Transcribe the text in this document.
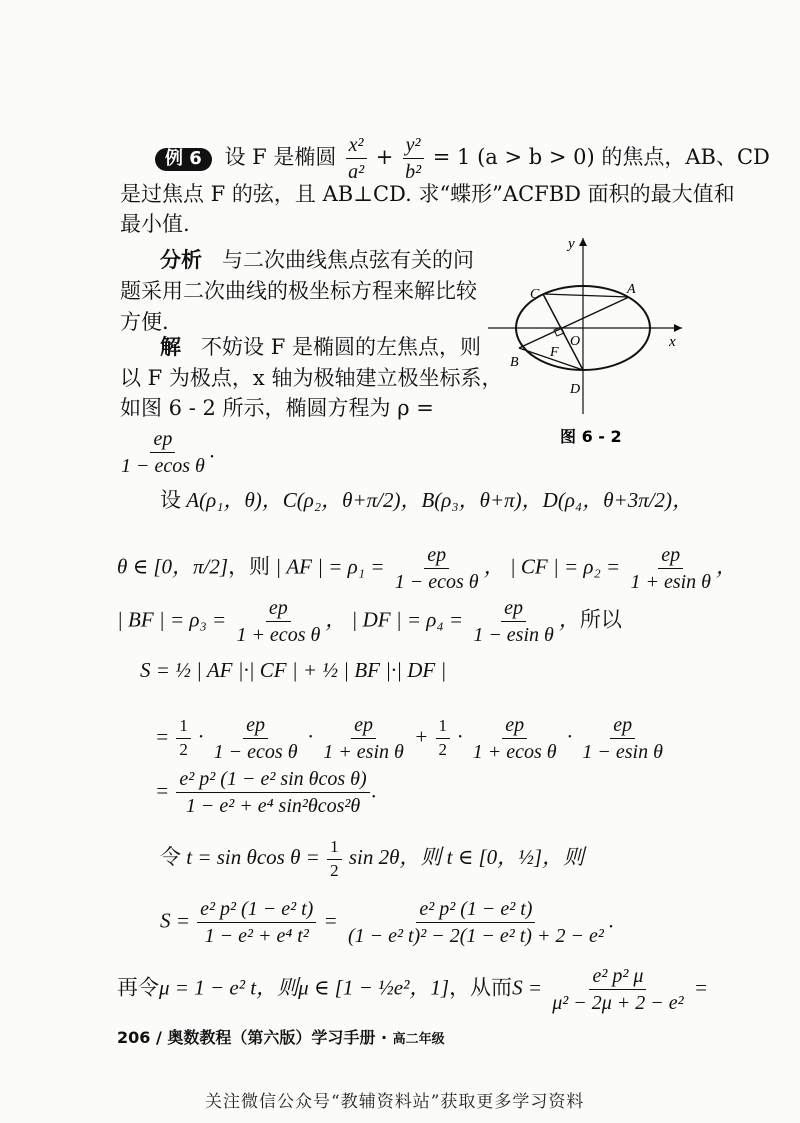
例 6 设 F 是椭圆 $\frac{\text{x²}}{\text{a²}} + \frac{\text{y²}}{\text{b²}} = 1$ (a > b > 0) 的焦点，AB、CD
是过焦点 F 的弦，且 AB⊥CD. 求“蝶形”ACFBD 面积的最大值和
最小值.
分析 与二次曲线焦点弦有关的问
题采用二次曲线的极坐标方程来解比较
方便.
解 不妨设 F 是椭圆的左焦点，则
以 F 为极点，x 轴为极轴建立极坐标系，
如图 6 - 2 所示，椭圆方程为 ρ =
$\frac{ep}{\text{1 − ecos θ}}$ .
y
x
A
B
C
D
F
O
图 6 - 2
设 A(ρ₁，θ)，C(ρ₂，θ+π/2)，B(ρ₃，θ+π)，D(ρ₄，θ+3π/2)，
θ ∈ [0，π/2]，则 | AF | = $\rho_1 = \frac{ep}{\text{1 − ecos θ}}$ ， | CF | = $\rho_2 = \frac{ep}{\text{1 + esin θ}}$ ，
| BF | = $\rho_3 = \frac{ep}{\text{1 + ecos θ}}$ ， | DF | = $\rho_4 = \frac{ep}{\text{1 − esin θ}}$ ，所以
S = ½ | AF |·| CF | + ½ | BF |·| DF |
= $\frac{1}{2} \cdot \frac{ep}{\text{1 − ecos θ}} \cdot \frac{ep}{\text{1 + esin θ}} + \frac{1}{2} \cdot \frac{ep}{\text{1 + ecos θ}} \cdot \frac{ep}{\text{1 − esin θ}}$
= $\frac{\text{e² p² (1 − e² sin θcos θ)}}{\text{1 − e² + e⁴ sin²θcos²θ}}$ .
令 t = sin θcos $\theta = \frac{1}{2}$ sin 2θ，则 t ∈ [0，½]，则
$S = \frac{\text{e² p² (1 − e² t)}}{\text{1 − e² + e⁴ t²}} = \frac{\text{e² p² (1 − e² t)}}{\text{(1 − e² t)² − 2(1 − e² t) + 2 − e²}}$ .
再令μ = 1 − e² t，则μ ∈ [1 − ½e²，1]，从而$S = \frac{\text{e² p² μ}}{\text{μ² − 2μ + 2 − e²}}$ =
206 / 奥数教程（第六版）学习手册 · 高二年级
关注微信公众号“教辅资料站”获取更多学习资料
